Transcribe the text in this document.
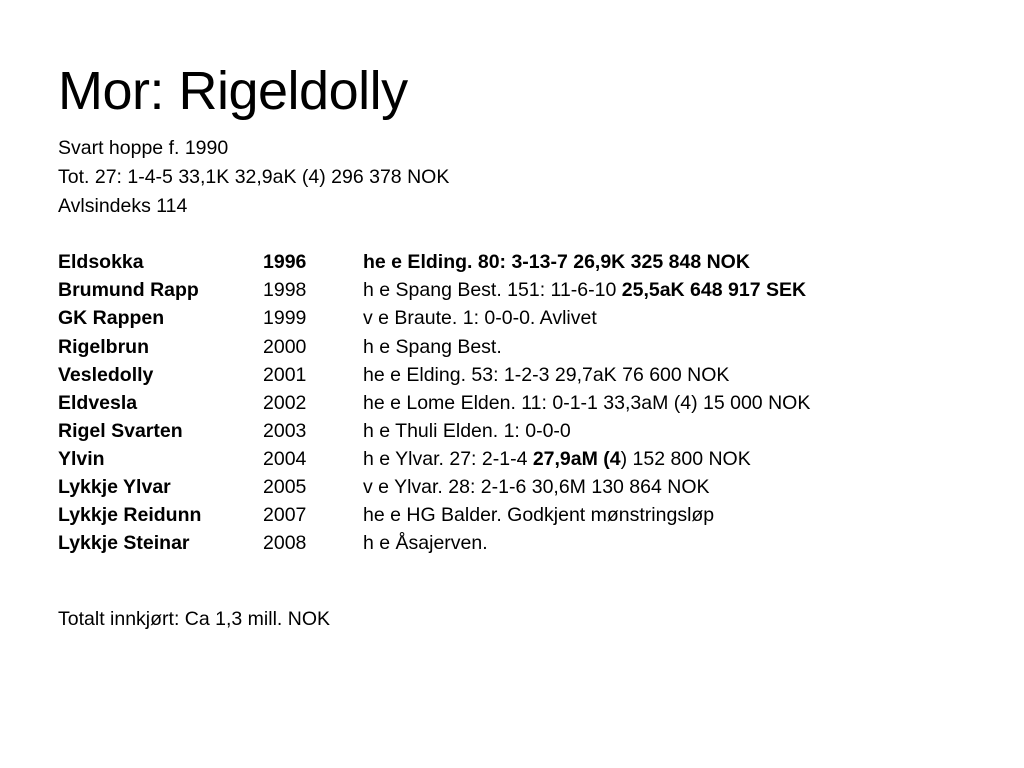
Mor: Rigeldolly
Svart hoppe f. 1990
Tot. 27: 1-4-5 33,1K 32,9aK (4) 296 378 NOK
Avlsindeks 114
Eldsokka	1996	he e Elding. 80: 3-13-7 26,9K 325 848 NOK
Brumund Rapp	1998	h e Spang Best. 151: 11-6-10 25,5aK 648 917 SEK
GK Rappen	1999	v e Braute. 1: 0-0-0. Avlivet
Rigelbrun	2000	h e Spang Best.
Vesledolly	2001	he e Elding. 53: 1-2-3 29,7aK 76 600 NOK
Eldvesla	2002	he e Lome Elden. 11: 0-1-1 33,3aM (4) 15 000 NOK
Rigel Svarten	2003	h e Thuli Elden. 1: 0-0-0
Ylvin	2004	h e Ylvar. 27: 2-1-4 27,9aM (4) 152 800 NOK
Lykkje Ylvar	2005	v e Ylvar. 28: 2-1-6 30,6M 130 864 NOK
Lykkje Reidunn	2007	he e HG Balder. Godkjent mønstringsløp
Lykkje Steinar	2008	h e Åsajerven.
Totalt innkjørt: Ca 1,3 mill. NOK
